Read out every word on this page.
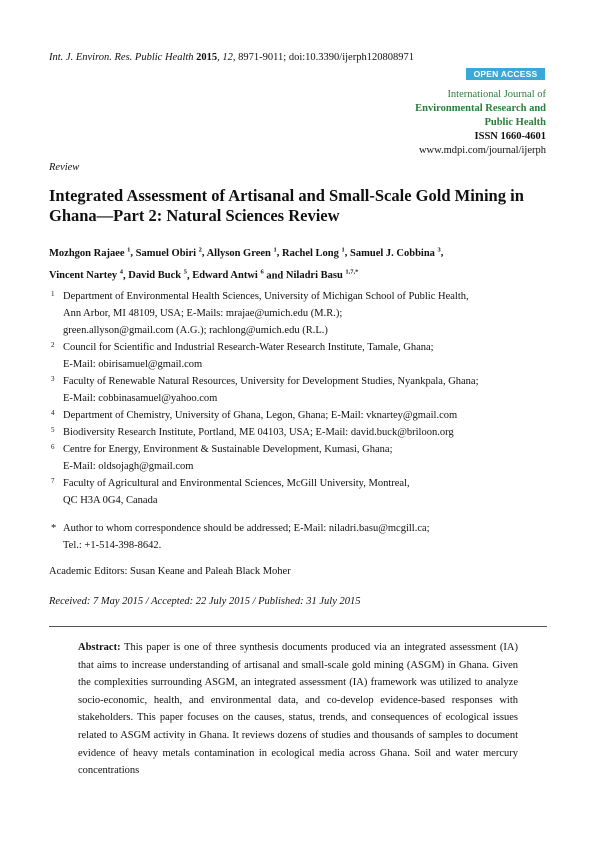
Int. J. Environ. Res. Public Health 2015, 12, 8971-9011; doi:10.3390/ijerph120808971
OPEN ACCESS
International Journal of
Environmental Research and
Public Health
ISSN 1660-4601
www.mdpi.com/journal/ijerph
Review
Integrated Assessment of Artisanal and Small-Scale Gold Mining in Ghana—Part 2: Natural Sciences Review
Mozhgon Rajaee $^1$, Samuel Obiri $^2$, Allyson Green $^1$, Rachel Long $^1$, Samuel J. Cobbina $^3$,
Vincent Nartey $^4$, David Buck $^5$, Edward Antwi $^6$ and Niladri Basu $^{1,7,*}$
1 Department of Environmental Health Sciences, University of Michigan School of Public Health,
Ann Arbor, MI 48109, USA; E-Mails: mrajae@umich.edu (M.R.);
green.allyson@gmail.com (A.G.); rachlong@umich.edu (R.L.)
2 Council for Scientific and Industrial Research-Water Research Institute, Tamale, Ghana;
E-Mail: obirisamuel@gmail.com
3 Faculty of Renewable Natural Resources, University for Development Studies, Nyankpala, Ghana;
E-Mail: cobbinasamuel@yahoo.com
4 Department of Chemistry, University of Ghana, Legon, Ghana; E-Mail: vknartey@gmail.com
5 Biodiversity Research Institute, Portland, ME 04103, USA; E-Mail: david.buck@briloon.org
6 Centre for Energy, Environment & Sustainable Development, Kumasi, Ghana;
E-Mail: oldsojagh@gmail.com
7 Faculty of Agricultural and Environmental Sciences, McGill University, Montreal,
QC H3A 0G4, Canada
* Author to whom correspondence should be addressed; E-Mail: niladri.basu@mcgill.ca;
Tel.: +1-514-398-8642.
Academic Editors: Susan Keane and Paleah Black Moher
Received: 7 May 2015 / Accepted: 22 July 2015 / Published: 31 July 2015
Abstract: This paper is one of three synthesis documents produced via an integrated assessment (IA) that aims to increase understanding of artisanal and small-scale gold mining (ASGM) in Ghana. Given the complexities surrounding ASGM, an integrated assessment (IA) framework was utilized to analyze socio-economic, health, and environmental data, and co-develop evidence-based responses with stakeholders. This paper focuses on the causes, status, trends, and consequences of ecological issues related to ASGM activity in Ghana. It reviews dozens of studies and thousands of samples to document evidence of heavy metals contamination in ecological media across Ghana. Soil and water mercury concentrations
